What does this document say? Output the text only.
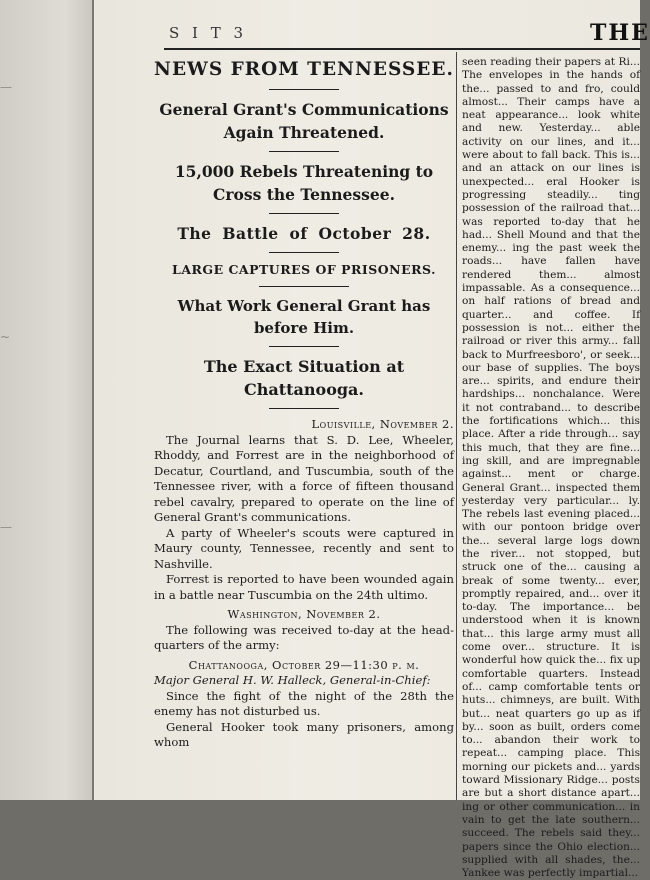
—
~
—
S I T 3	THE

NEWS FROM TENNESSEE.

General Grant's Communications Again Threatened.

15,000 Rebels Threatening to Cross the Tennessee.

The Battle of October 28.

LARGE CAPTURES OF PRISONERS.

What Work General Grant has before Him.

The Exact Situation at Chattanooga.

Louisville, November 2.

The Journal learns that S. D. Lee, Wheeler, Rhoddy, and Forrest are in the neighborhood of Decatur, Courtland, and Tuscumbia, south of the Tennessee river, with a force of fifteen thousand rebel cavalry, prepared to operate on the line of General Grant's communications.

A party of Wheeler's scouts were captured in Maury county, Tennessee, recently and sent to Nashville.

Forrest is reported to have been wounded again in a battle near Tuscumbia on the 24th ultimo.

Washington, November 2.

The following was received to-day at the head-quarters of the army:

Chattanooga, October 29—11:30 p. m.
Major General H. W. Halleck, General-in-Chief:

Since the fight of the night of the 28th the enemy has not disturbed us.

General Hooker took many prisoners, among whom

seen reading their papers at Ri... The envelopes in the hands of the... passed to and fro, could almost... Their camps have a neat appearance... look white and new. Yesterday... able activity on our lines, and it... were about to fall back. This is... and an attack on our lines is unexpected... eral Hooker is progressing steadily... ting possession of the railroad that... was reported to-day that he had... Shell Mound and that the enemy... ing the past week the roads... have fallen have rendered them... almost impassable. As a consequence... on half rations of bread and quarter... and coffee. If possession is not... either the railroad or river this army... fall back to Murfreesboro', or seek... our base of supplies. The boys are... spirits, and endure their hardships... nonchalance. Were it not contraband... to describe the fortifications which... this place. After a ride through... say this much, that they are fine... ing skill, and are impregnable against... ment or charge. General Grant... inspected them yesterday very particular... ly. The rebels last evening placed... with our pontoon bridge over the... several large logs down the river... not stopped, but struck one of the... causing a break of some twenty... ever, promptly repaired, and... over it to-day. The importance... be understood when it is known that... this large army must all come over... structure. It is wonderful how quick the... fix up comfortable quarters. Instead of... camp comfortable tents or huts... chimneys, are built. With but... neat quarters go up as if by... soon as built, orders come to... abandon their work to repeat... camping place. This morning our pickets and... yards toward Missionary Ridge... posts are but a short distance apart... ing or other communication... in vain to get the late southern... succeed. The rebels said they... papers since the Ohio election... supplied with all shades, the... Yankee was perfectly impartial...
